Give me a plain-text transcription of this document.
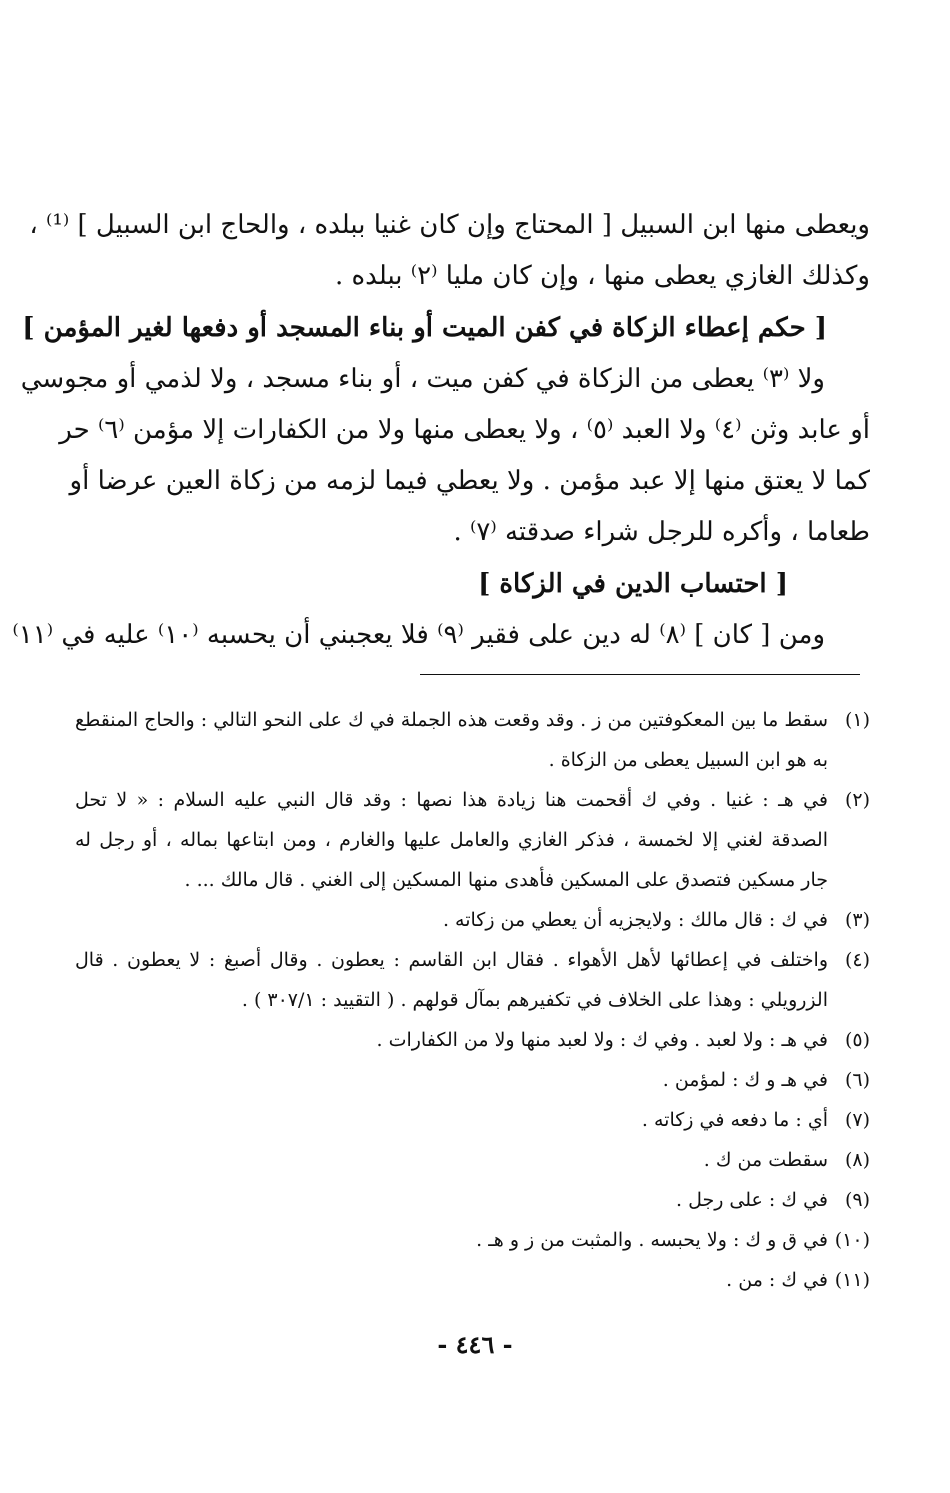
ويعطى منها ابن السبيل [ المحتاج وإن كان غنيا ببلده ، والحاج ابن السبيل ] ⁽¹⁾ ،
وكذلك الغازي يعطى منها ، وإن كان مليا ⁽٢⁾ ببلده .
[ حكم إعطاء الزكاة في كفن الميت أو بناء المسجد أو دفعها لغير المؤمن ]
ولا ⁽٣⁾ يعطى من الزكاة في كفن ميت ، أو بناء مسجد ، ولا لذمي أو مجوسي
أو عابد وثن ⁽٤⁾ ولا العبد ⁽٥⁾ ، ولا يعطى منها ولا من الكفارات إلا مؤمن ⁽٦⁾ حر
كما لا يعتق منها إلا عبد مؤمن . ولا يعطي فيما لزمه من زكاة العين عرضا أو
طعاما ، وأكره للرجل شراء صدقته ⁽٧⁾ .
[ احتساب الدين في الزكاة ]
ومن [ كان ] ⁽٨⁾ له دين على فقير ⁽٩⁾ فلا يعجبني أن يحسبه ⁽١٠⁾ عليه في ⁽١١⁾
(١)
سقط ما بين المعكوفتين من ز . وقد وقعت هذه الجملة في ك على النحو التالي : والحاج المنقطع
به هو ابن السبيل يعطى من الزكاة .
(٢)
في هـ : غنيا . وفي ك أقحمت هنا زيادة هذا نصها : وقد قال النبي عليه السلام : « لا تحل
الصدقة لغني إلا لخمسة ، فذكر الغازي والعامل عليها والغارم ، ومن ابتاعها بماله ، أو رجل له
جار مسكين فتصدق على المسكين فأهدى منها المسكين إلى الغني . قال مالك ... .
(٣)
في ك : قال مالك : ولايجزيه أن يعطي من زكاته .
(٤)
واختلف في إعطائها لأهل الأهواء . فقال ابن القاسم : يعطون . وقال أصبغ : لا يعطون . قال
الزرويلي : وهذا على الخلاف في تكفيرهم بمآل قولهم . ( التقييد : ٣٠٧/١ ) .
(٥)
في هـ : ولا لعبد . وفي ك : ولا لعبد منها ولا من الكفارات .
(٦)
في هـ و ك : لمؤمن .
(٧)
أي : ما دفعه في زكاته .
(٨)
سقطت من ك .
(٩)
في ك : على رجل .
(١٠)
في ق و ك : ولا يحبسه . والمثبت من ز و هـ .
(١١)
في ك : من .
- ٤٤٦ -
